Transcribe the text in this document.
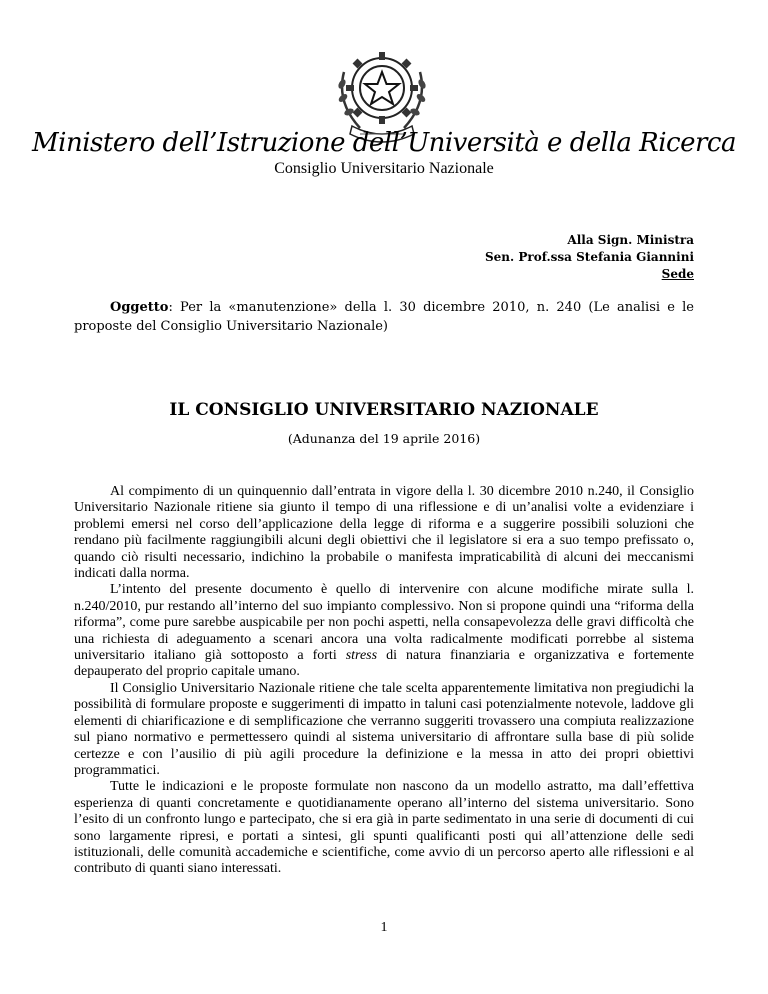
Ministero dell’Istruzione dell’Università e della Ricerca
Consiglio Universitario Nazionale
Alla Sign. Ministra
Sen. Prof.ssa Stefania Giannini
Sede
Oggetto: Per la «manutenzione» della l. 30 dicembre 2010, n. 240 (Le analisi e le proposte del Consiglio Universitario Nazionale)
IL CONSIGLIO UNIVERSITARIO NAZIONALE
(Adunanza del 19 aprile 2016)

Al compimento di un quinquennio dall’entrata in vigore della l. 30 dicembre 2010 n.240, il Consiglio Universitario Nazionale ritiene sia giunto il tempo di una riflessione e di un’analisi volte a evidenziare i problemi emersi nel corso dell’applicazione della legge di riforma e a suggerire possibili soluzioni che rendano più facilmente raggiungibili alcuni degli obiettivi che il legislatore si era a suo tempo prefissato o, quando ciò risulti necessario, indichino la probabile o manifesta impraticabilità di alcuni dei meccanismi indicati dalla norma.

L’intento del presente documento è quello di intervenire con alcune modifiche mirate sulla l. n.240/2010, pur restando all’interno del suo impianto complessivo. Non si propone quindi una “riforma della riforma”, come pure sarebbe auspicabile per non pochi aspetti, nella consapevolezza delle gravi difficoltà che una richiesta di adeguamento a scenari ancora una volta radicalmente modificati porrebbe al sistema universitario italiano già sottoposto a forti stress di natura finanziaria e organizzativa e fortemente depauperato del proprio capitale umano.

Il Consiglio Universitario Nazionale ritiene che tale scelta apparentemente limitativa non pregiudichi la possibilità di formulare proposte e suggerimenti di impatto in taluni casi potenzialmente notevole, laddove gli elementi di chiarificazione e di semplificazione che verranno suggeriti trovassero una compiuta realizzazione sul piano normativo e permettessero quindi al sistema universitario di affrontare sulla base di più solide certezze e con l’ausilio di più agili procedure la definizione e la messa in atto dei propri obiettivi programmatici.

Tutte le indicazioni e le proposte formulate non nascono da un modello astratto, ma dall’effettiva esperienza di quanti concretamente e quotidianamente operano all’interno del sistema universitario. Sono l’esito di un confronto lungo e partecipato, che si era già in parte sedimentato in una serie di documenti di cui sono largamente ripresi, e portati a sintesi, gli spunti qualificanti posti qui all’attenzione delle sedi istituzionali, delle comunità accademiche e scientifiche, come avvio di un percorso aperto alle riflessioni e al contributo di quanti siano interessati.

1
